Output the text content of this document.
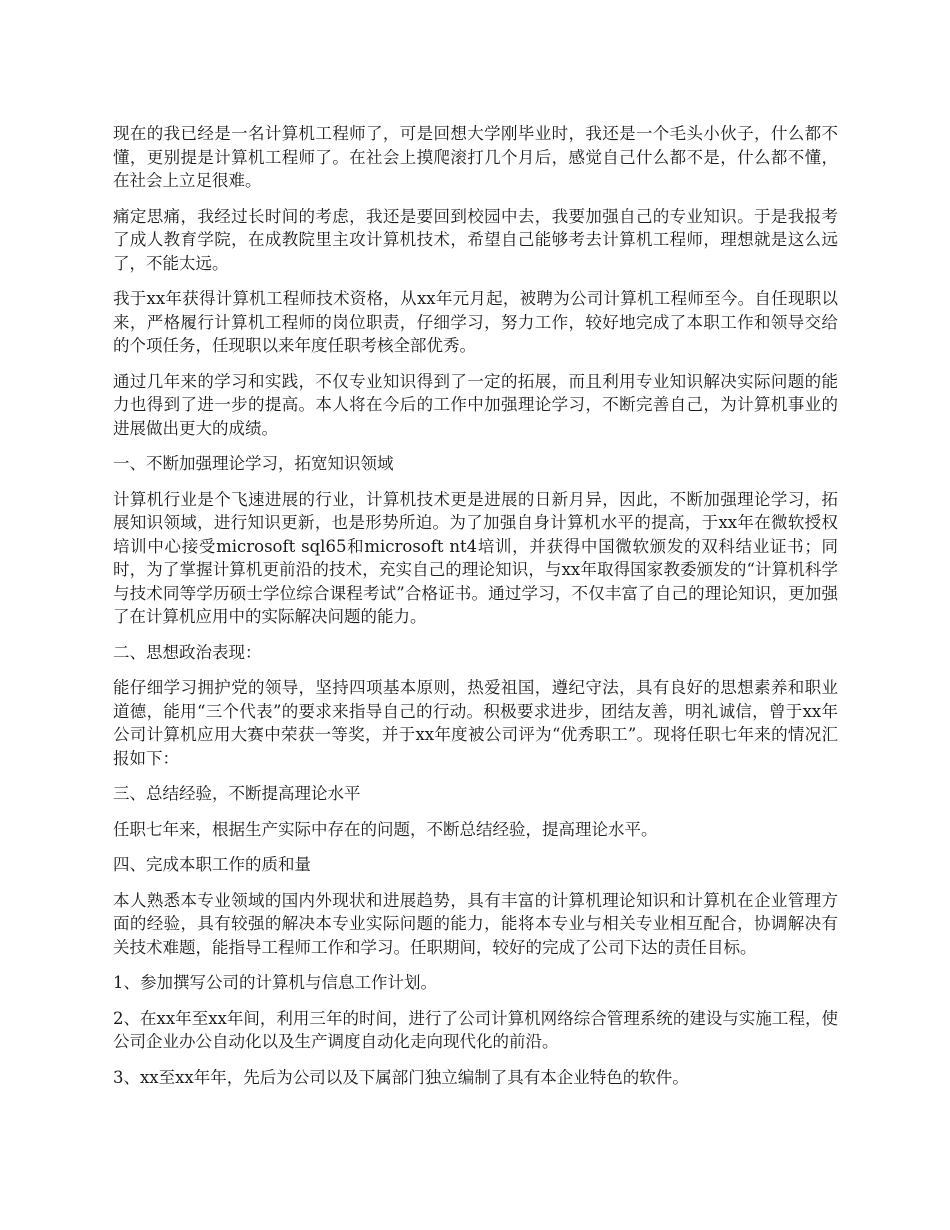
现在的我已经是一名计算机工程师了，可是回想大学刚毕业时，我还是一个毛头小伙子，什么都不懂，更别提是计算机工程师了。在社会上摸爬滚打几个月后，感觉自己什么都不是，什么都不懂，在社会上立足很难。

痛定思痛，我经过长时间的考虑，我还是要回到校园中去，我要加强自己的专业知识。于是我报考了成人教育学院，在成教院里主攻计算机技术，希望自己能够考去计算机工程师，理想就是这么远了，不能太远。

我于xx年获得计算机工程师技术资格，从xx年元月起，被聘为公司计算机工程师至今。自任现职以来，严格履行计算机工程师的岗位职责，仔细学习，努力工作，较好地完成了本职工作和领导交给的个项任务，任现职以来年度任职考核全部优秀。

通过几年来的学习和实践，不仅专业知识得到了一定的拓展，而且利用专业知识解决实际问题的能力也得到了进一步的提高。本人将在今后的工作中加强理论学习，不断完善自己，为计算机事业的进展做出更大的成绩。

一、不断加强理论学习，拓宽知识领域

计算机行业是个飞速进展的行业，计算机技术更是进展的日新月异，因此，不断加强理论学习，拓展知识领域，进行知识更新，也是形势所迫。为了加强自身计算机水平的提高，于xx年在微软授权培训中心接受microsoft sql65和microsoft nt4培训，并获得中国微软颁发的双科结业证书；同时，为了掌握计算机更前沿的技术，充实自己的理论知识，与xx年取得国家教委颁发的“计算机科学与技术同等学历硕士学位综合课程考试”合格证书。通过学习，不仅丰富了自己的理论知识，更加强了在计算机应用中的实际解决问题的能力。

二、思想政治表现：

能仔细学习拥护党的领导，坚持四项基本原则，热爱祖国，遵纪守法，具有良好的思想素养和职业道德，能用“三个代表”的要求来指导自己的行动。积极要求进步，团结友善，明礼诚信，曾于xx年公司计算机应用大赛中荣获一等奖，并于xx年度被公司评为“优秀职工”。现将任职七年来的情况汇报如下：

三、总结经验，不断提高理论水平

任职七年来，根据生产实际中存在的问题，不断总结经验，提高理论水平。

四、完成本职工作的质和量

本人熟悉本专业领域的国内外现状和进展趋势，具有丰富的计算机理论知识和计算机在企业管理方面的经验，具有较强的解决本专业实际问题的能力，能将本专业与相关专业相互配合，协调解决有关技术难题，能指导工程师工作和学习。任职期间，较好的完成了公司下达的责任目标。

1、参加撰写公司的计算机与信息工作计划。

2、在xx年至xx年间，利用三年的时间，进行了公司计算机网络综合管理系统的建设与实施工程，使公司企业办公自动化以及生产调度自动化走向现代化的前沿。

3、xx至xx年年，先后为公司以及下属部门独立编制了具有本企业特色的软件。
